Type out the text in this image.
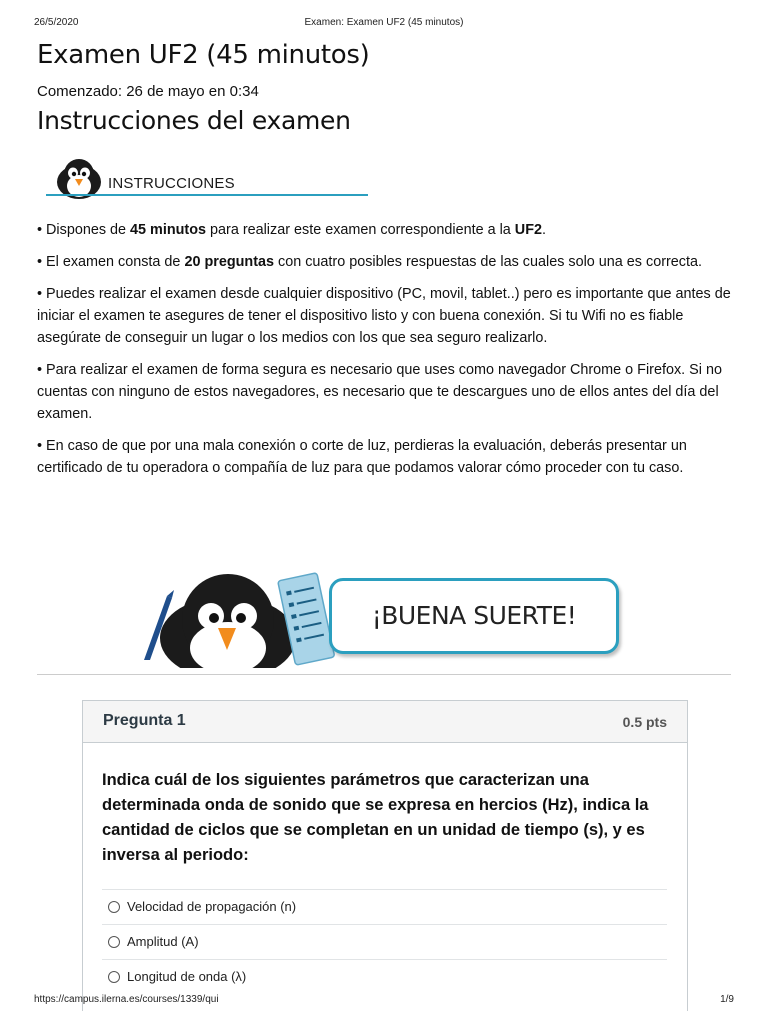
26/5/2020	Examen: Examen UF2 (45 minutos)
Examen UF2 (45 minutos)
Comenzado: 26 de mayo en 0:34
Instrucciones del examen
INSTRUCCIONES

• Dispones de 45 minutos para realizar este examen correspondiente a la UF2.

• El examen consta de 20 preguntas con cuatro posibles respuestas de las cuales solo una es correcta.

• Puedes realizar el examen desde cualquier dispositivo (PC, movil, tablet..) pero es importante que antes de iniciar el examen te asegures de tener el dispositivo listo y con buena conexión. Si tu Wifi no es fiable asegúrate de conseguir un lugar o los medios con los que sea seguro realizarlo.

• Para realizar el examen de forma segura es necesario que uses como navegador Chrome o Firefox. Si no cuentas con ninguno de estos navegadores, es necesario que te descargues uno de ellos antes del día del examen.

• En caso de que por una mala conexión o corte de luz, perdieras la evaluación, deberás presentar un certificado de tu operadora o compañía de luz para que podamos valorar cómo proceder con tu caso.

¡BUENA SUERTE!
Pregunta 1	0.5 pts
Indica cuál de los siguientes parámetros que caracterizan una determinada onda de sonido que se expresa en hercios (Hz), indica la cantidad de ciclos que se completan en un unidad de tiempo (s), y es inversa al periodo:
Velocidad de propagación (n)
Amplitud (A)
Longitud de onda (λ)
https://campus.ilerna.es/courses/1339/qui	1/9
